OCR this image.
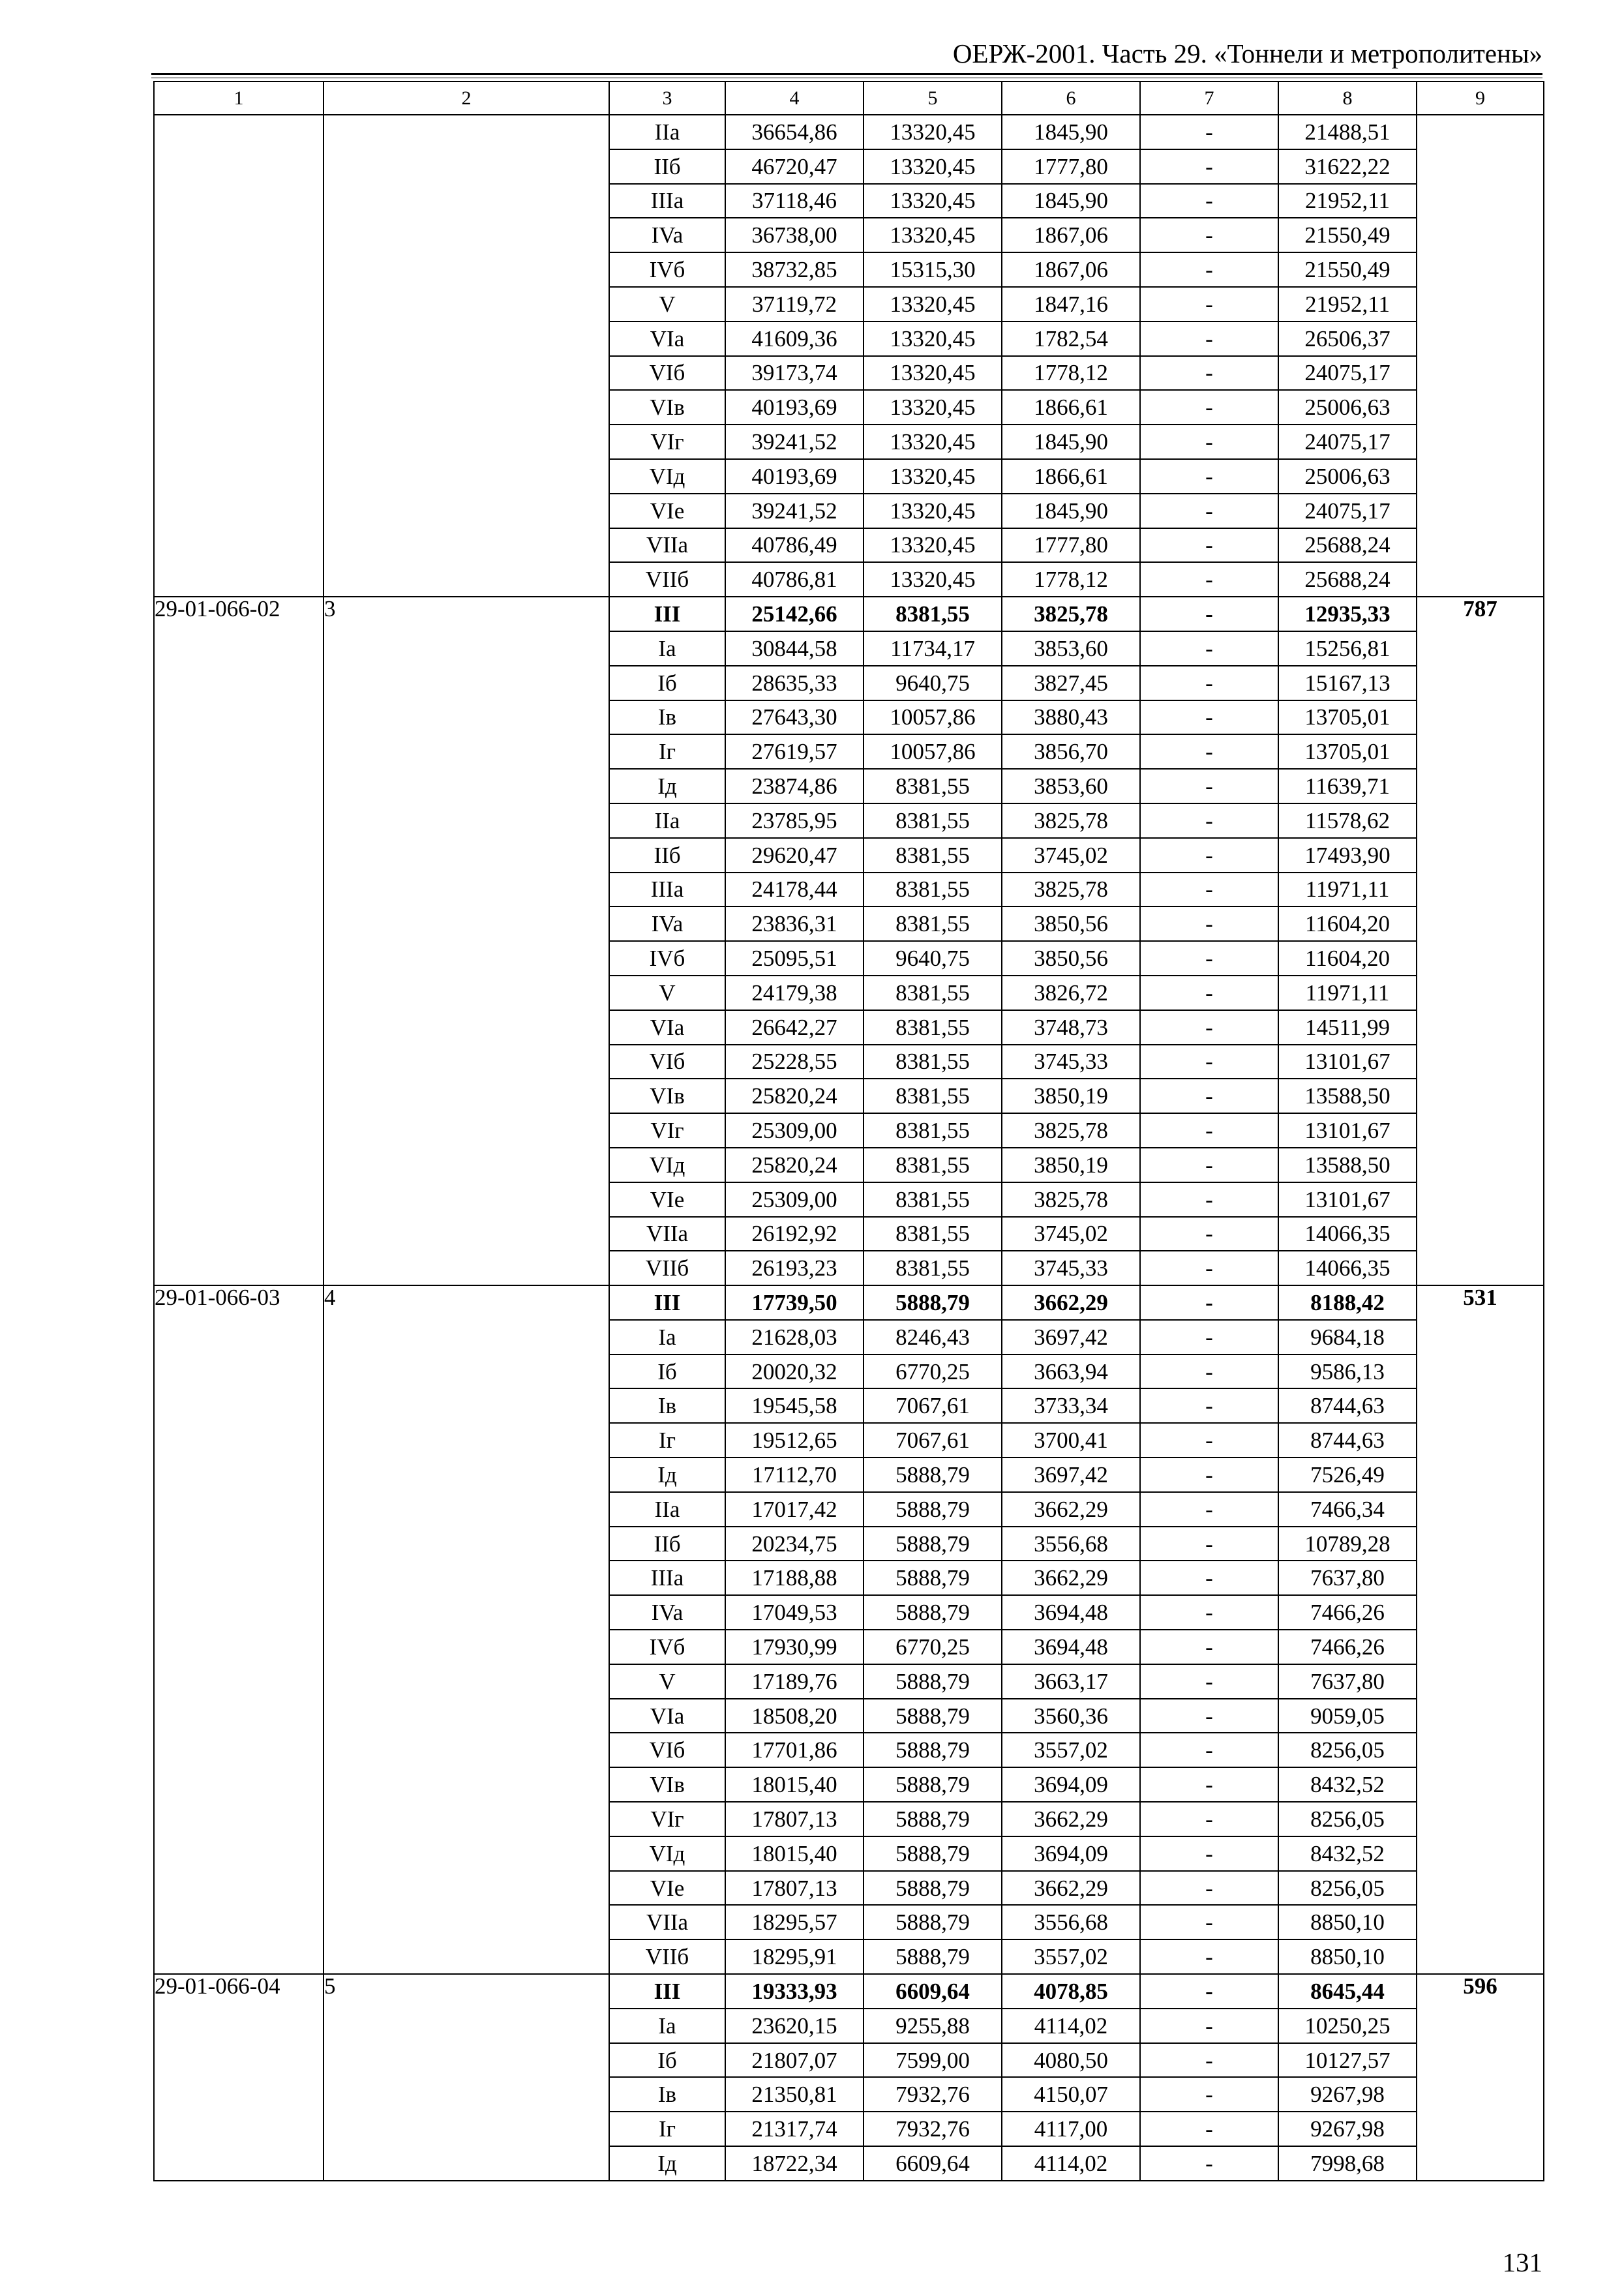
ОЕРЖ-2001. Часть 29. «Тоннели и метрополитены»
1	2	3	4	5	6	7	8	9
		IIa	36654,86	13320,45	1845,90	-	21488,51	
		IIб	46720,47	13320,45	1777,80	-	31622,22	
		IIIa	37118,46	13320,45	1845,90	-	21952,11	
		IVa	36738,00	13320,45	1867,06	-	21550,49	
		IVб	38732,85	15315,30	1867,06	-	21550,49	
		V	37119,72	13320,45	1847,16	-	21952,11	
		VIa	41609,36	13320,45	1782,54	-	26506,37	
		VIб	39173,74	13320,45	1778,12	-	24075,17	
		VIв	40193,69	13320,45	1866,61	-	25006,63	
		VIг	39241,52	13320,45	1845,90	-	24075,17	
		VIд	40193,69	13320,45	1866,61	-	25006,63	
		VIe	39241,52	13320,45	1845,90	-	24075,17	
		VIIa	40786,49	13320,45	1777,80	-	25688,24	
		VIIб	40786,81	13320,45	1778,12	-	25688,24	
29-01-066-02	3	III	25142,66	8381,55	3825,78	-	12935,33	787
		Ia	30844,58	11734,17	3853,60	-	15256,81	
		Iб	28635,33	9640,75	3827,45	-	15167,13	
		Iв	27643,30	10057,86	3880,43	-	13705,01	
		Iг	27619,57	10057,86	3856,70	-	13705,01	
		Iд	23874,86	8381,55	3853,60	-	11639,71	
		IIa	23785,95	8381,55	3825,78	-	11578,62	
		IIб	29620,47	8381,55	3745,02	-	17493,90	
		IIIa	24178,44	8381,55	3825,78	-	11971,11	
		IVa	23836,31	8381,55	3850,56	-	11604,20	
		IVб	25095,51	9640,75	3850,56	-	11604,20	
		V	24179,38	8381,55	3826,72	-	11971,11	
		VIa	26642,27	8381,55	3748,73	-	14511,99	
		VIб	25228,55	8381,55	3745,33	-	13101,67	
		VIв	25820,24	8381,55	3850,19	-	13588,50	
		VIг	25309,00	8381,55	3825,78	-	13101,67	
		VIд	25820,24	8381,55	3850,19	-	13588,50	
		VIe	25309,00	8381,55	3825,78	-	13101,67	
		VIIa	26192,92	8381,55	3745,02	-	14066,35	
		VIIб	26193,23	8381,55	3745,33	-	14066,35	
29-01-066-03	4	III	17739,50	5888,79	3662,29	-	8188,42	531
		Ia	21628,03	8246,43	3697,42	-	9684,18	
		Iб	20020,32	6770,25	3663,94	-	9586,13	
		Iв	19545,58	7067,61	3733,34	-	8744,63	
		Iг	19512,65	7067,61	3700,41	-	8744,63	
		Iд	17112,70	5888,79	3697,42	-	7526,49	
		IIa	17017,42	5888,79	3662,29	-	7466,34	
		IIб	20234,75	5888,79	3556,68	-	10789,28	
		IIIa	17188,88	5888,79	3662,29	-	7637,80	
		IVa	17049,53	5888,79	3694,48	-	7466,26	
		IVб	17930,99	6770,25	3694,48	-	7466,26	
		V	17189,76	5888,79	3663,17	-	7637,80	
		VIa	18508,20	5888,79	3560,36	-	9059,05	
		VIб	17701,86	5888,79	3557,02	-	8256,05	
		VIв	18015,40	5888,79	3694,09	-	8432,52	
		VIг	17807,13	5888,79	3662,29	-	8256,05	
		VIд	18015,40	5888,79	3694,09	-	8432,52	
		VIe	17807,13	5888,79	3662,29	-	8256,05	
		VIIa	18295,57	5888,79	3556,68	-	8850,10	
		VIIб	18295,91	5888,79	3557,02	-	8850,10	
29-01-066-04	5	III	19333,93	6609,64	4078,85	-	8645,44	596
		Ia	23620,15	9255,88	4114,02	-	10250,25	
		Iб	21807,07	7599,00	4080,50	-	10127,57	
		Iв	21350,81	7932,76	4150,07	-	9267,98	
		Iг	21317,74	7932,76	4117,00	-	9267,98	
		Iд	18722,34	6609,64	4114,02	-	7998,68	
131
